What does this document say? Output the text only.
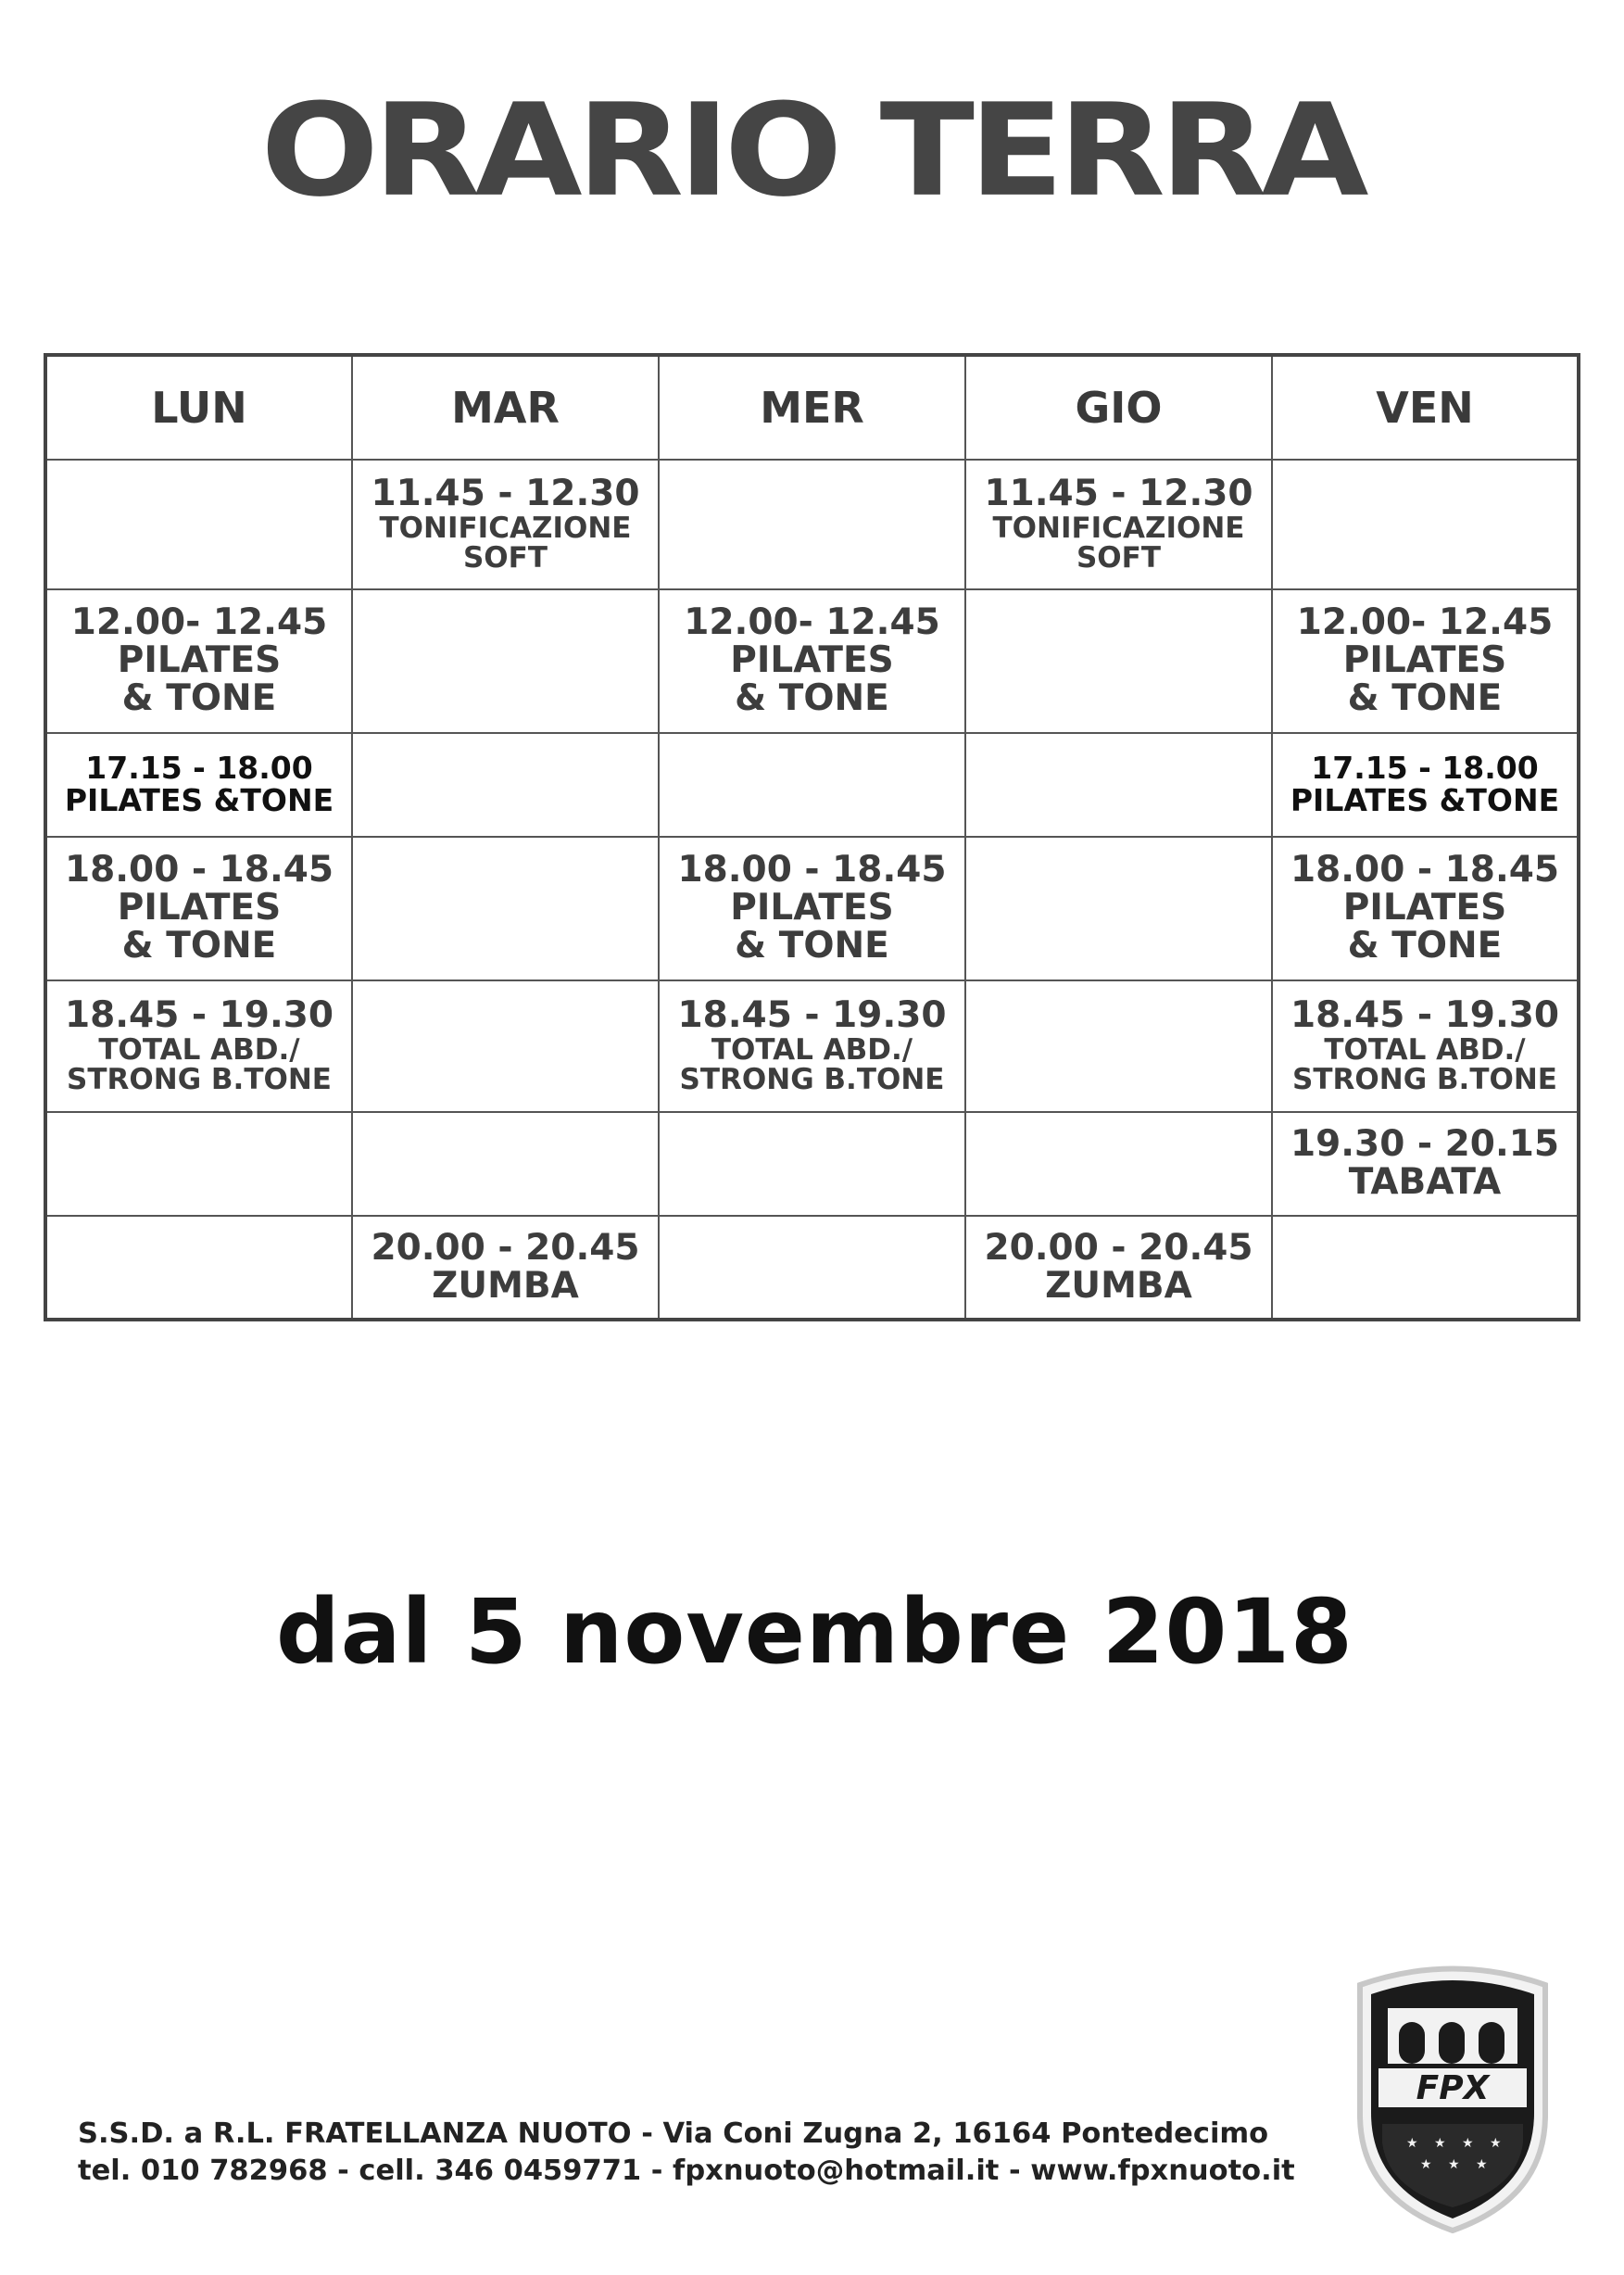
ORARIO TERRA
LUN	MAR	MER	GIO	VEN

	11.45 - 12.30
TONIFICAZIONE
SOFT		11.45 - 12.30
TONIFICAZIONE
SOFT	

12.00- 12.45
PILATES
& TONE		12.00- 12.45
PILATES
& TONE		12.00- 12.45
PILATES
& TONE

17.15 - 18.00
PILATES &TONE				17.15 - 18.00
PILATES &TONE

18.00 - 18.45
PILATES
& TONE		18.00 - 18.45
PILATES
& TONE		18.00 - 18.45
PILATES
& TONE

18.45 - 19.30
TOTAL ABD./
STRONG B.TONE		18.45 - 19.30
TOTAL ABD./
STRONG B.TONE		18.45 - 19.30
TOTAL ABD./
STRONG B.TONE

				19.30 - 20.15
TABATA

	20.00 - 20.45
ZUMBA		20.00 - 20.45
ZUMBA	

dal 5 novembre 2018
S.S.D. a R.L. FRATELLANZA NUOTO - Via Coni Zugna 2, 16164 Pontedecimo
tel. 010 782968 - cell. 346 0459771 - fpxnuoto@hotmail.it - www.fpxnuoto.it
FPX
★ ★ ★ ★
★ ★ ★
